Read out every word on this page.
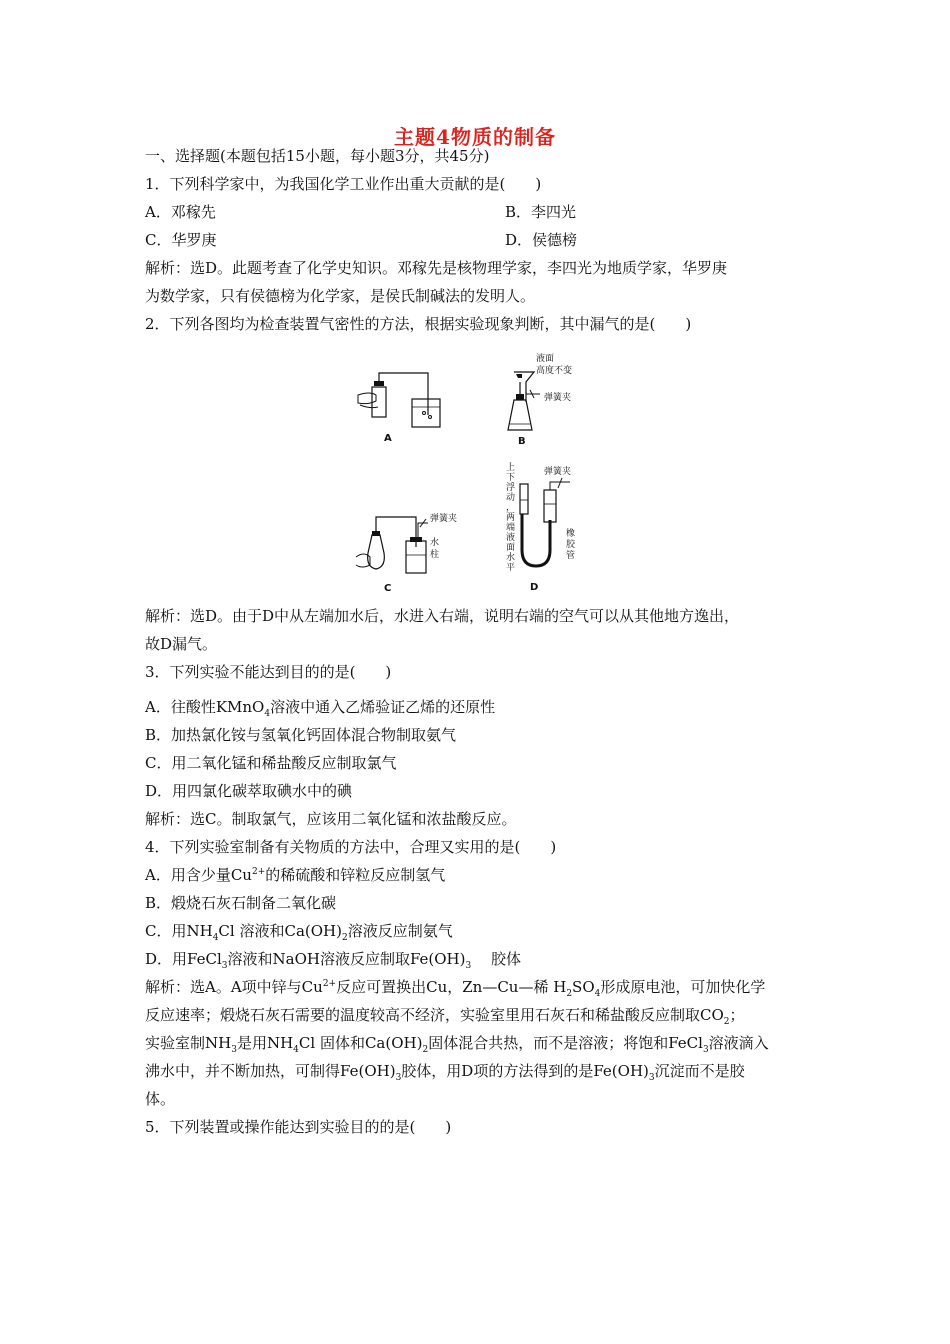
主题4物质的制备
一、选择题(本题包括15小题，每小题3分，共45分)
1．下列科学家中，为我国化学工业作出重大贡献的是(　　)
A．邓稼先	B．李四光
C．华罗庚	D．侯德榜
解析：选D。此题考查了化学史知识。邓稼先是核物理学家，李四光为地质学家，华罗庚
为数学家，只有侯德榜为化学家，是侯氏制碱法的发明人。
2．下列各图均为检查装置气密性的方法，根据实验现象判断，其中漏气的是(　　)
A
液面
高度不变
弹簧夹
B
弹簧夹
水
柱
C
上
下
浮
动
，
两
端
液
面
水
平
弹簧夹
橡
胶
管
D
解析：选D。由于D中从左端加水后，水进入右端，说明右端的空气可以从其他地方逸出，
故D漏气。
3．下列实验不能达到目的的是(　　)
A．往酸性KMnO$_4$溶液中通入乙烯验证乙烯的还原性
B．加热氯化铵与氢氧化钙固体混合物制取氨气
C．用二氧化锰和稀盐酸反应制取氯气
D．用四氯化碳萃取碘水中的碘
解析：选C。制取氯气，应该用二氧化锰和浓盐酸反应。
4．下列实验室制备有关物质的方法中，合理又实用的是(　　)
A．用含少量$Cu^{2+}$的稀硫酸和锌粒反应制氢气
B．煅烧石灰石制备二氧化碳
C．用$NH_4Cl$ 溶液和$Ca(OH)_2$溶液反应制氨气
D．用FeCl$_3$溶液和NaOH溶液反应制取$Fe(OH)_3$　 胶体
解析：选A。A项中锌与$Cu^{2+}$反应可置换出Cu，Zn—Cu—稀 $H_2SO_4$形成原电池，可加快化学
反应速率；煅烧石灰石需要的温度较高不经济，实验室里用石灰石和稀盐酸反应制取$CO_2$；
实验室制$NH_3$是用$NH_4Cl$ 固体和$Ca(OH)_2$固体混合共热，而不是溶液；将饱和FeCl$_3$溶液滴入
沸水中，并不断加热，可制得$Fe(OH)_3$胶体，用D项的方法得到的是$Fe(OH)_3$沉淀而不是胶
体。
5．下列装置或操作能达到实验目的的是(　　)
